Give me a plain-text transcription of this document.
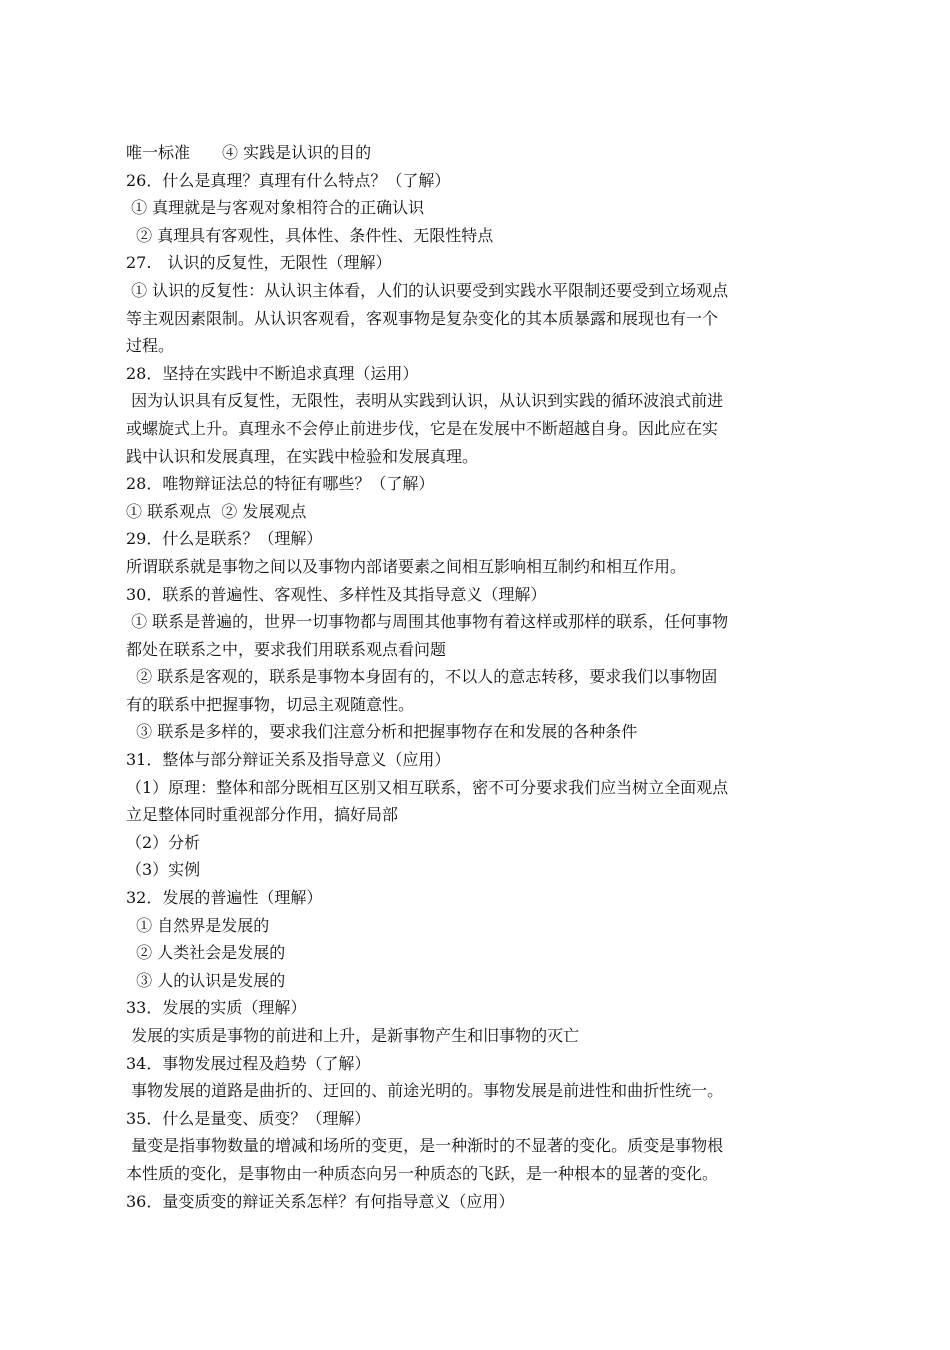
唯一标准　　④ 实践是认识的目的
26．什么是真理？真理有什么特点？（了解）
① 真理就是与客观对象相符合的正确认识
② 真理具有客观性，具体性、条件性、无限性特点
27.　认识的反复性，无限性（理解）
① 认识的反复性：从认识主体看，人们的认识要受到实践水平限制还要受到立场观点
等主观因素限制。从认识客观看，客观事物是复杂变化的其本质暴露和展现也有一个
过程。
28．坚持在实践中不断追求真理（运用）
因为认识具有反复性，无限性，表明从实践到认识，从认识到实践的循环波浪式前进
或螺旋式上升。真理永不会停止前进步伐，它是在发展中不断超越自身。因此应在实
践中认识和发展真理，在实践中检验和发展真理。
28．唯物辩证法总的特征有哪些？（了解）
① 联系观点  ② 发展观点
29．什么是联系？（理解）
所谓联系就是事物之间以及事物内部诸要素之间相互影响相互制约和相互作用。
30．联系的普遍性、客观性、多样性及其指导意义（理解）
① 联系是普遍的，世界一切事物都与周围其他事物有着这样或那样的联系，任何事物
都处在联系之中，要求我们用联系观点看问题
② 联系是客观的，联系是事物本身固有的，不以人的意志转移，要求我们以事物固
有的联系中把握事物，切忌主观随意性。
③ 联系是多样的，要求我们注意分析和把握事物存在和发展的各种条件
31．整体与部分辩证关系及指导意义（应用）
（1）原理：整体和部分既相互区别又相互联系，密不可分要求我们应当树立全面观点
立足整体同时重视部分作用，搞好局部
（2）分析
（3）实例
32．发展的普遍性（理解）
① 自然界是发展的
② 人类社会是发展的
③ 人的认识是发展的
33．发展的实质（理解）
发展的实质是事物的前进和上升，是新事物产生和旧事物的灭亡
34．事物发展过程及趋势（了解）
事物发展的道路是曲折的、迂回的、前途光明的。事物发展是前进性和曲折性统一。
35．什么是量变、质变？（理解）
量变是指事物数量的增减和场所的变更，是一种渐时的不显著的变化。质变是事物根
本性质的变化，是事物由一种质态向另一种质态的飞跃，是一种根本的显著的变化。
36．量变质变的辩证关系怎样？有何指导意义（应用）
